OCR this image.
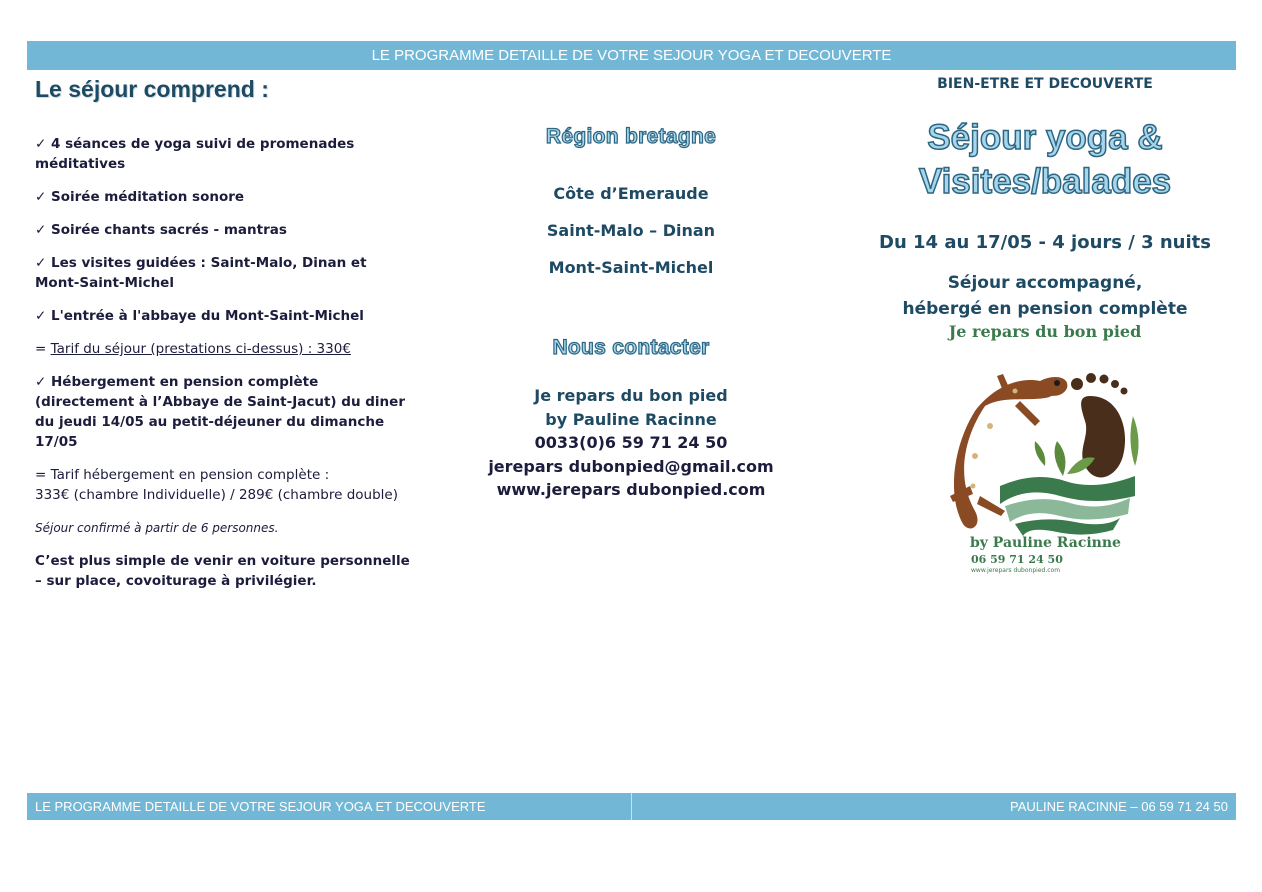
LE PROGRAMME DETAILLE DE VOTRE SEJOUR YOGA ET DECOUVERTE
Le séjour comprend :
✓ 4 séances de yoga suivi de promenades méditatives
✓ Soirée méditation sonore
✓ Soirée chants sacrés - mantras
✓ Les visites guidées : Saint-Malo, Dinan et Mont-Saint-Michel
✓ L'entrée à l'abbaye du Mont-Saint-Michel
= Tarif du séjour (prestations ci-dessus) : 330€
✓ Hébergement en pension complète (directement à l’Abbaye de Saint-Jacut) du diner du jeudi 14/05 au petit-déjeuner du dimanche 17/05
= Tarif hébergement en pension complète :
333€ (chambre Individuelle) / 289€ (chambre double)
Séjour confirmé à partir de 6 personnes.
C’est plus simple de venir en voiture personnelle – sur place, covoiturage à privilégier.
Région bretagne
Côte d’Emeraude
Saint-Malo – Dinan
Mont-Saint-Michel
Nous contacter
Je repars du bon pied
by Pauline Racinne
0033(0)6 59 71 24 50
jerepars dubonpied@gmail.com
www.jerepars dubonpied.com
BIEN-ETRE ET DECOUVERTE
Séjour yoga &
Visites/balades
Du 14 au 17/05 - 4 jours / 3 nuits
Séjour accompagné,
hébergé en pension complète
Je repars du bon pied
by Pauline Racinne
06 59 71 24 50
www.jerepars dubonpied.com
LE PROGRAMME DETAILLE DE VOTRE SEJOUR YOGA ET DECOUVERTE	PAULINE RACINNE – 06 59 71 24 50
